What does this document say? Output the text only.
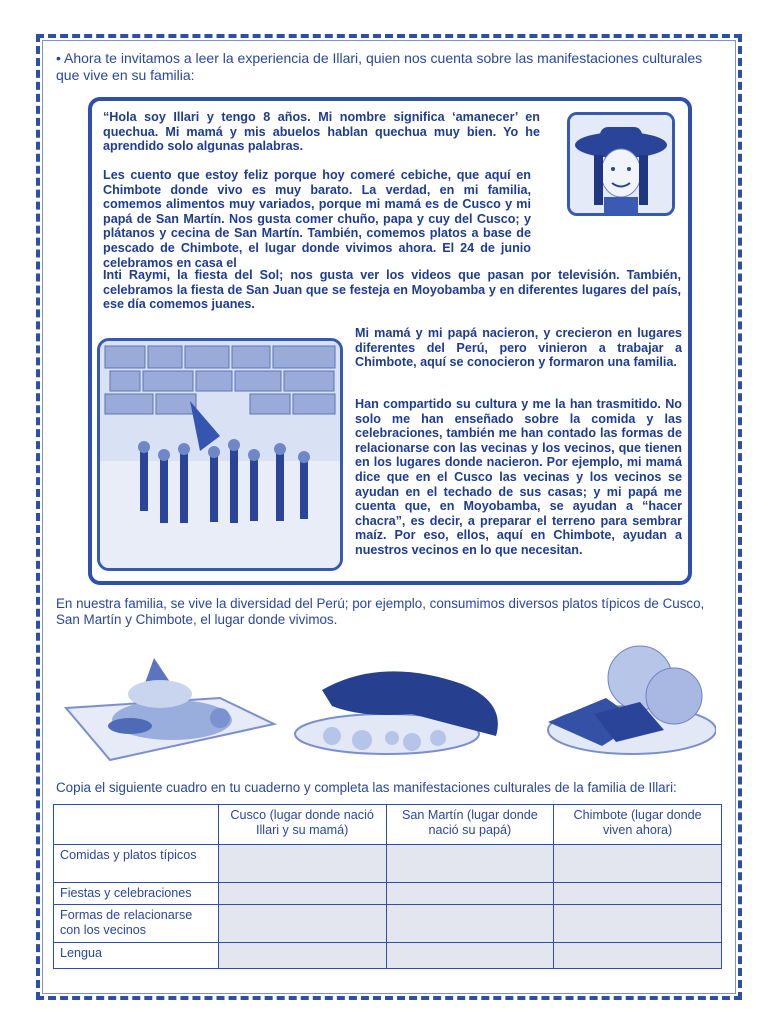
• Ahora te invitamos a leer la experiencia de Illari, quien nos cuenta sobre las manifestaciones culturales que vive en su familia:

“Hola soy Illari y tengo 8 años. Mi nombre significa ‘amanecer’ en quechua. Mi mamá y mis abuelos hablan quechua muy bien. Yo he aprendido solo algunas palabras.

Les cuento que estoy feliz porque hoy comeré cebiche, que aquí en Chimbote donde vivo es muy barato. La verdad, en mi familia, comemos alimentos muy variados, porque mi mamá es de Cusco y mi papá de San Martín. Nos gusta comer chuño, papa y cuy del Cusco; y plátanos y cecina de San Martín. También, comemos platos a base de pescado de Chimbote, el lugar donde vivimos ahora. El 24 de junio celebramos en casa el

Inti Raymi, la fiesta del Sol; nos gusta ver los videos que pasan por televisión. También, celebramos la fiesta de San Juan que se festeja en Moyobamba y en diferentes lugares del país, ese día comemos juanes.

Mi mamá y mi papá nacieron, y crecieron en lugares diferentes del Perú, pero vinieron a trabajar a Chimbote, aquí se conocieron y formaron una familia.

Han compartido su cultura y me la han trasmitido. No solo me han enseñado sobre la comida y las celebraciones, también me han contado las formas de relacionarse con las vecinas y los vecinos, que tienen en los lugares donde nacieron. Por ejemplo, mi mamá dice que en el Cusco las vecinas y los vecinos se ayudan en el techado de sus casas; y mi papá me cuenta que, en Moyobamba, se ayudan a “hacer chacra”, es decir, a preparar el terreno para sembrar maíz. Por eso, ellos, aquí en Chimbote, ayudan a nuestros vecinos en lo que necesitan.

En nuestra familia, se vive la diversidad del Perú; por ejemplo, consumimos diversos platos típicos de Cusco, San Martín y Chimbote, el lugar donde vivimos.
Copia el siguiente cuadro en tu cuaderno y completa las manifestaciones culturales de la familia de Illari:
	Cusco (lugar donde nació Illari y su mamá)	San Martín (lugar donde nació su papá)	Chimbote (lugar donde viven ahora)
Comidas y platos típicos			
Fiestas y celebraciones			
Formas de relacionarse con los vecinos			
Lengua			
